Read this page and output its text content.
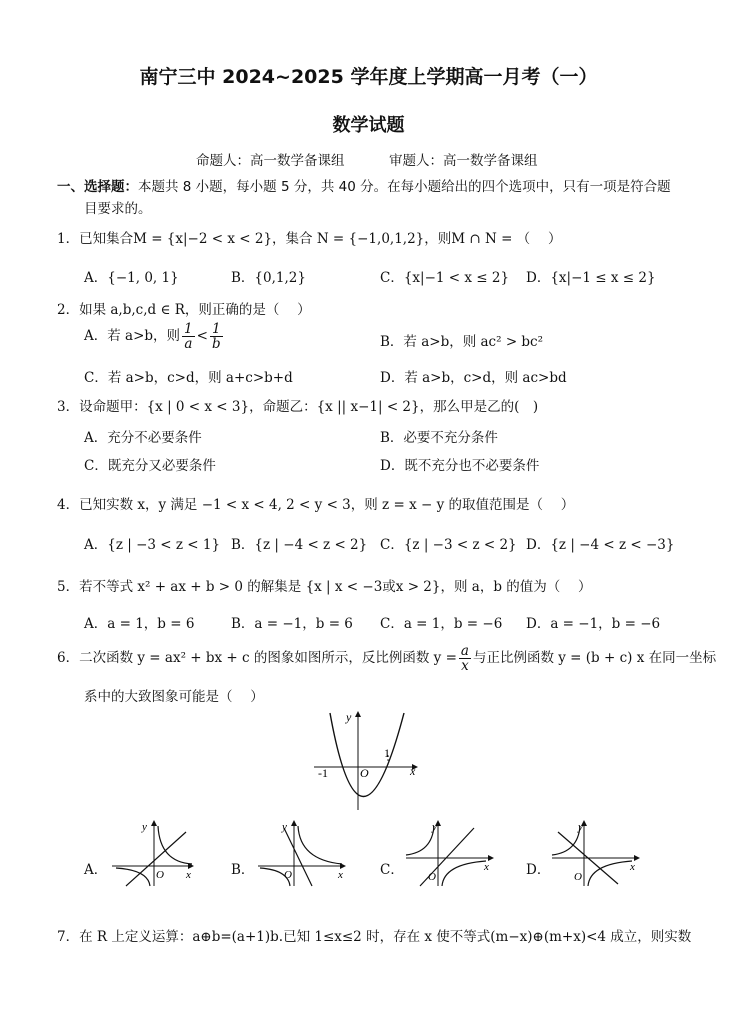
南宁三中 2024~2025 学年度上学期高一月考（一）
数学试题
命题人：高一数学备课组	审题人：高一数学备课组
一、选择题：本题共 8 小题，每小题 5 分，共 40 分。在每小题给出的四个选项中，只有一项是符合题
目要求的。
1．已知集合M = {x|−2 < x < 2}，集合 N = {−1,0,1,2}，则M ∩ N = （　 ）
A．{−1, 0, 1}	B．{0,1,2}	C．{x|−1 < x ≤ 2} D．{x|−1 ≤ x ≤ 2}
2．如果 a,b,c,d ∈ R，则正确的是（　 ）
A．若 a>b，则 $\frac{1}{a} < \frac{1}{b}$	B．若 a>b，则 ac² > bc²
C．若 a>b，c>d，则 a+c>b+d	D．若 a>b，c>d，则 ac>bd
3．设命题甲：{x | 0 < x < 3}，命题乙：{x || x−1| < 2}，那么甲是乙的(　)
A．充分不必要条件	B．必要不充分条件
C．既充分又必要条件	D．既不充分也不必要条件
4．已知实数 x，y 满足 −1 < x < 4, 2 < y < 3，则 z = x − y 的取值范围是（　 ）
A．{z | −3 < z < 1} B．{z | −4 < z < 2} C．{z | −3 < z < 2} D．{z | −4 < z < −3}
5．若不等式 x² + ax + b > 0 的解集是 {x | x < −3或x > 2}，则 a，b 的值为（　 ）
A．a = 1，b = 6	B．a = −1，b = 6 C．a = 1，b = −6 D．a = −1，b = −6
6．二次函数 y = ax² + bx + c 的图象如图所示，反比例函数 $y = \frac{a}{x}$ 与正比例函数 y = (b + c) x 在同一坐标
系中的大致图象可能是（　 ）
y
x
O
-1
1
A．
y
x
O	B．
y
x
O	C．
y
x
O	D．
y
x
O
7．在 R 上定义运算：a⊕b=(a+1)b.已知 1≤x≤2 时，存在 x 使不等式(m−x)⊕(m+x)<4 成立，则实数
